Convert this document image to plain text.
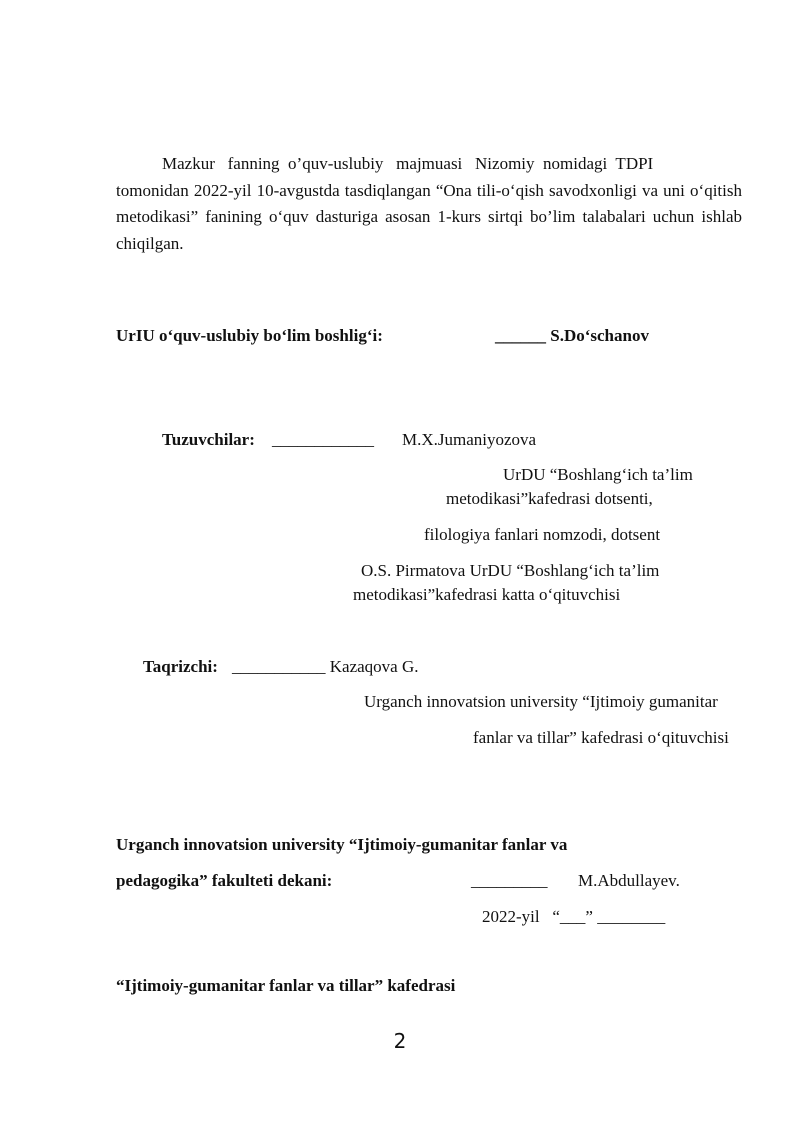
Mazkur   fanning  o’quv-uslubiy   majmuasi   Nizomiy  nomidagi  TDPI

tomonidan 2022-yil 10-avgustda tasdiqlangan “Ona tili-o‘qish savodxonligi va uni o‘qitish metodikasi” fanining o‘quv dasturiga asosan 1-kurs sirtqi bo’lim talabalari uchun ishlab chiqilgan.

UrIU o‘quv-uslubiy bo‘lim boshlig‘i:	______ S.Do‘schanov
Tuzuvchilar: ____________ M.X.Jumaniyozova
UrDU “Boshlang‘ich ta’lim
metodikasi”kafedrasi dotsenti,
filologiya fanlari nomzodi, dotsent
O.S. Pirmatova UrDU “Boshlang‘ich ta’lim
metodikasi”kafedrasi katta o‘qituvchisi
Taqrizchi: ___________ Kazaqova G.
Urganch innovatsion university “Ijtimoiy gumanitar
fanlar va tillar” kafedrasi o‘qituvchisi
Urganch innovatsion university “Ijtimoiy-gumanitar fanlar va
pedagogika” fakulteti dekani:	_________ M.Abdullayev.
2022-yil   “___” ________
“Ijtimoiy-gumanitar fanlar va tillar” kafedrasi
2
